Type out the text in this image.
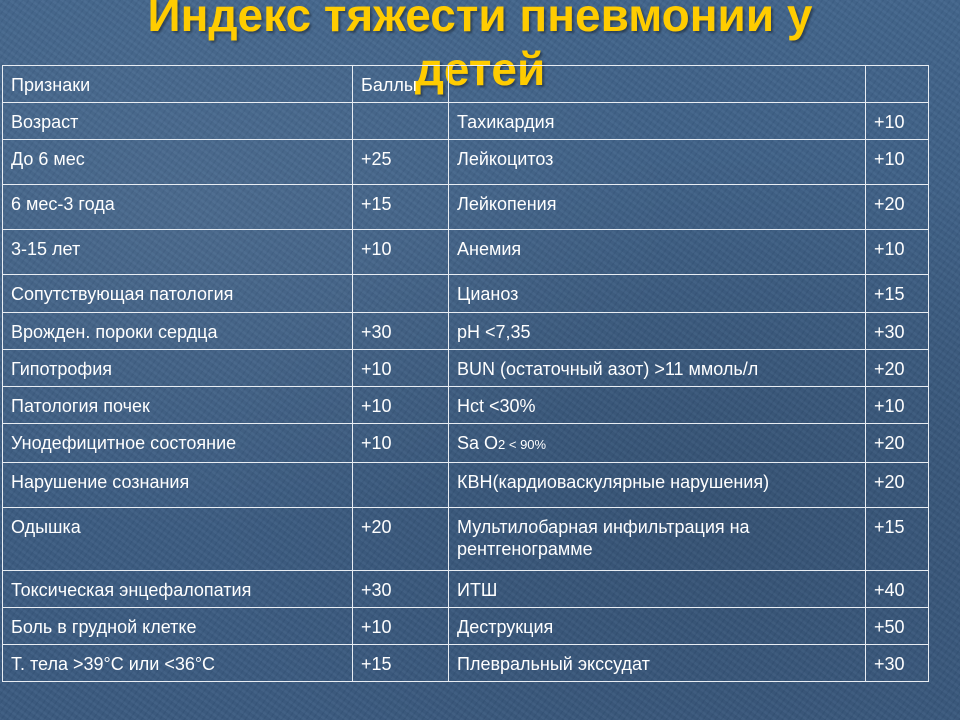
Индекс тяжести пневмонии у
детей
Признаки	Баллы		
Возраст		Тахикардия	+10
До 6 мес	+25	Лейкоцитоз	+10
6 мес-3 года	+15	Лейкопения	+20
3-15 лет	+10	Анемия	+10
Сопутствующая патология		Цианоз	+15
Врожден. пороки сердца	+30	pH <7,35	+30
Гипотрофия	+10	BUN (остаточный азот) >11 ммоль/л	+20
Патология почек	+10	Hct <30%	+10
Унодефицитное состояние	+10	Sa O2 < 90%	+20
Нарушение сознания		КВН(кардиоваскулярные нарушения)	+20
Одышка	+20	Мультилобарная инфильтрация на рентгенограмме	+15
Токсическая энцефалопатия	+30	ИТШ	+40
Боль в грудной клетке	+10	Деструкция	+50
Т. тела >39°С или <36°С	+15	Плевральный экссудат	+30
